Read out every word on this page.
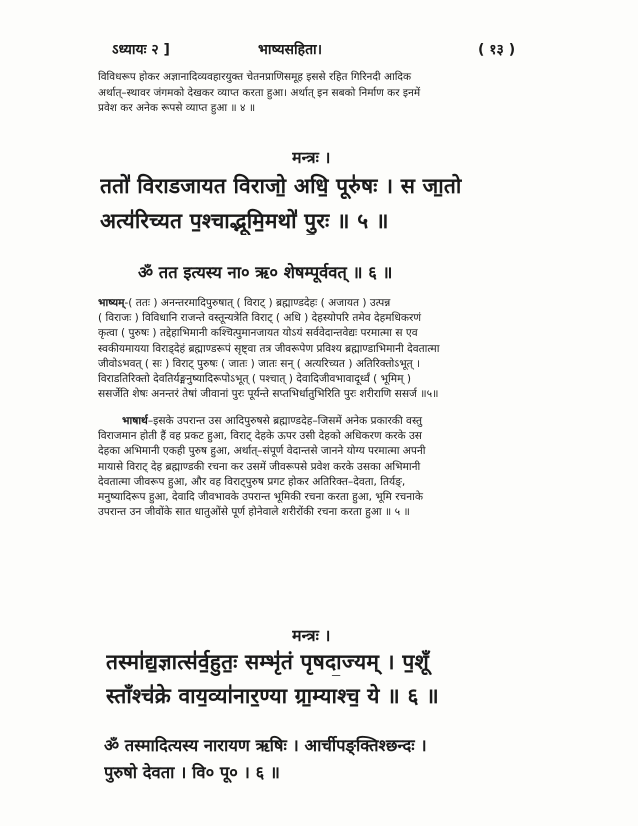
ऽध्यायः २ ]	भाष्यसहिता।	( १३ )
विविधरूप होकर अज्ञानादिव्यवहारयुक्त चेतनप्राणिसमूह इससे रहित गिरिनदी आदिक
अर्थात्–स्थावर जंगमको देखकर व्याप्त करता हुआ। अर्थात् इन सबको निर्माण कर इनमें
प्रवेश कर अनेक रूपसे व्याप्त हुआ ॥ ४ ॥
मन्त्रः ।
ततो॑ विराडजायत विराजो॒ अधि॒ पूरु॑षः । स जा॒तो
अत्य॑रिच्यत प॒श्चाद्भूमि॒मथो॑ पु॒रः ॥ ५ ॥
ॐ तत इत्यस्य ना० ऋ० शेषम्पूर्ववत् ॥ ६ ॥
भाष्यम्-( ततः ) अनन्तरमादिपुरुषात् ( विराट् ) ब्रह्माण्डदेहः ( अजायत ) उत्पन्न
( विराजः ) विविधानि राजन्ते वस्तून्यत्रेति विराट् ( अधि ) देहस्योपरि तमेव देहमधिकरणं
कृत्वा ( पुरुषः ) तद्देहाभिमानी कश्चित्पुमानजायत योऽयं सर्ववेदान्तवेद्यः परमात्मा स एव
स्वकीयमायया विराड्देहं ब्रह्माण्डरूपं सृष्ट्वा तत्र जीवरूपेण प्रविश्य ब्रह्माण्डाभिमानी देवतात्मा
जीवोऽभवत् ( सः ) विराट् पुरुषः ( जातः ) जातः सन् ( अत्यरिच्यत ) अतिरिक्तोऽभूत् ।
विराडतिरिक्तो देवतिर्यङ्मनुष्यादिरूपोऽभूत् ( पश्चात् ) देवादिजीवभावादूर्ध्वं ( भूमिम् )
ससर्जेति शेषः अनन्तरं तेषां जीवानां पुरः पूर्यन्ते सप्तभिर्धातुभिरिति पुरः शरीराणि ससर्ज ॥५॥
भाषार्थ–इसके उपरान्त उस आदिपुरुषसे ब्रह्माण्डदेह–जिसमें अनेक प्रकारकी वस्तु
विराजमान होती हैं वह प्रकट हुआ, विराट् देहके ऊपर उसी देहको अधिकरण करके उस
देहका अभिमानी एकही पुरुष हुआ, अर्थात्–संपूर्ण वेदान्तसे जानने योग्य परमात्मा अपनी
मायासे विराट् देह ब्रह्माण्डकी रचना कर उसमें जीवरूपसे प्रवेश करके उसका अभिमानी
देवतात्मा जीवरूप हुआ, और वह विराट्पुरुष प्रगट होकर अतिरिक्त–देवता, तिर्यङ्,
मनुष्यादिरूप हुआ, देवादि जीवभावके उपरान्त भूमिकी रचना करता हुआ, भूमि रचनाके
उपरान्त उन जीवोंके सात धातुओंसे पूर्ण होनेवाले शरीरोंकी रचना करता हुआ ॥ ५ ॥
मन्त्रः ।
तस्मा॑द्य॒ज्ञात्स॑र्व॒हुतः॒ सम्भृ॑तं पृषदा॒ज्यम् । प॒शूँ
स्ताँश्च॑क्रे वाय॒व्या॑नार॒ण्या ग्रा॒म्याश्च॒ ये ॥ ६ ॥
ॐ तस्मादित्यस्य नारायण ऋषिः । आर्चीपङ्क्तिश्छन्दः ।
पुरुषो देवता । वि० पू० । ६ ॥
